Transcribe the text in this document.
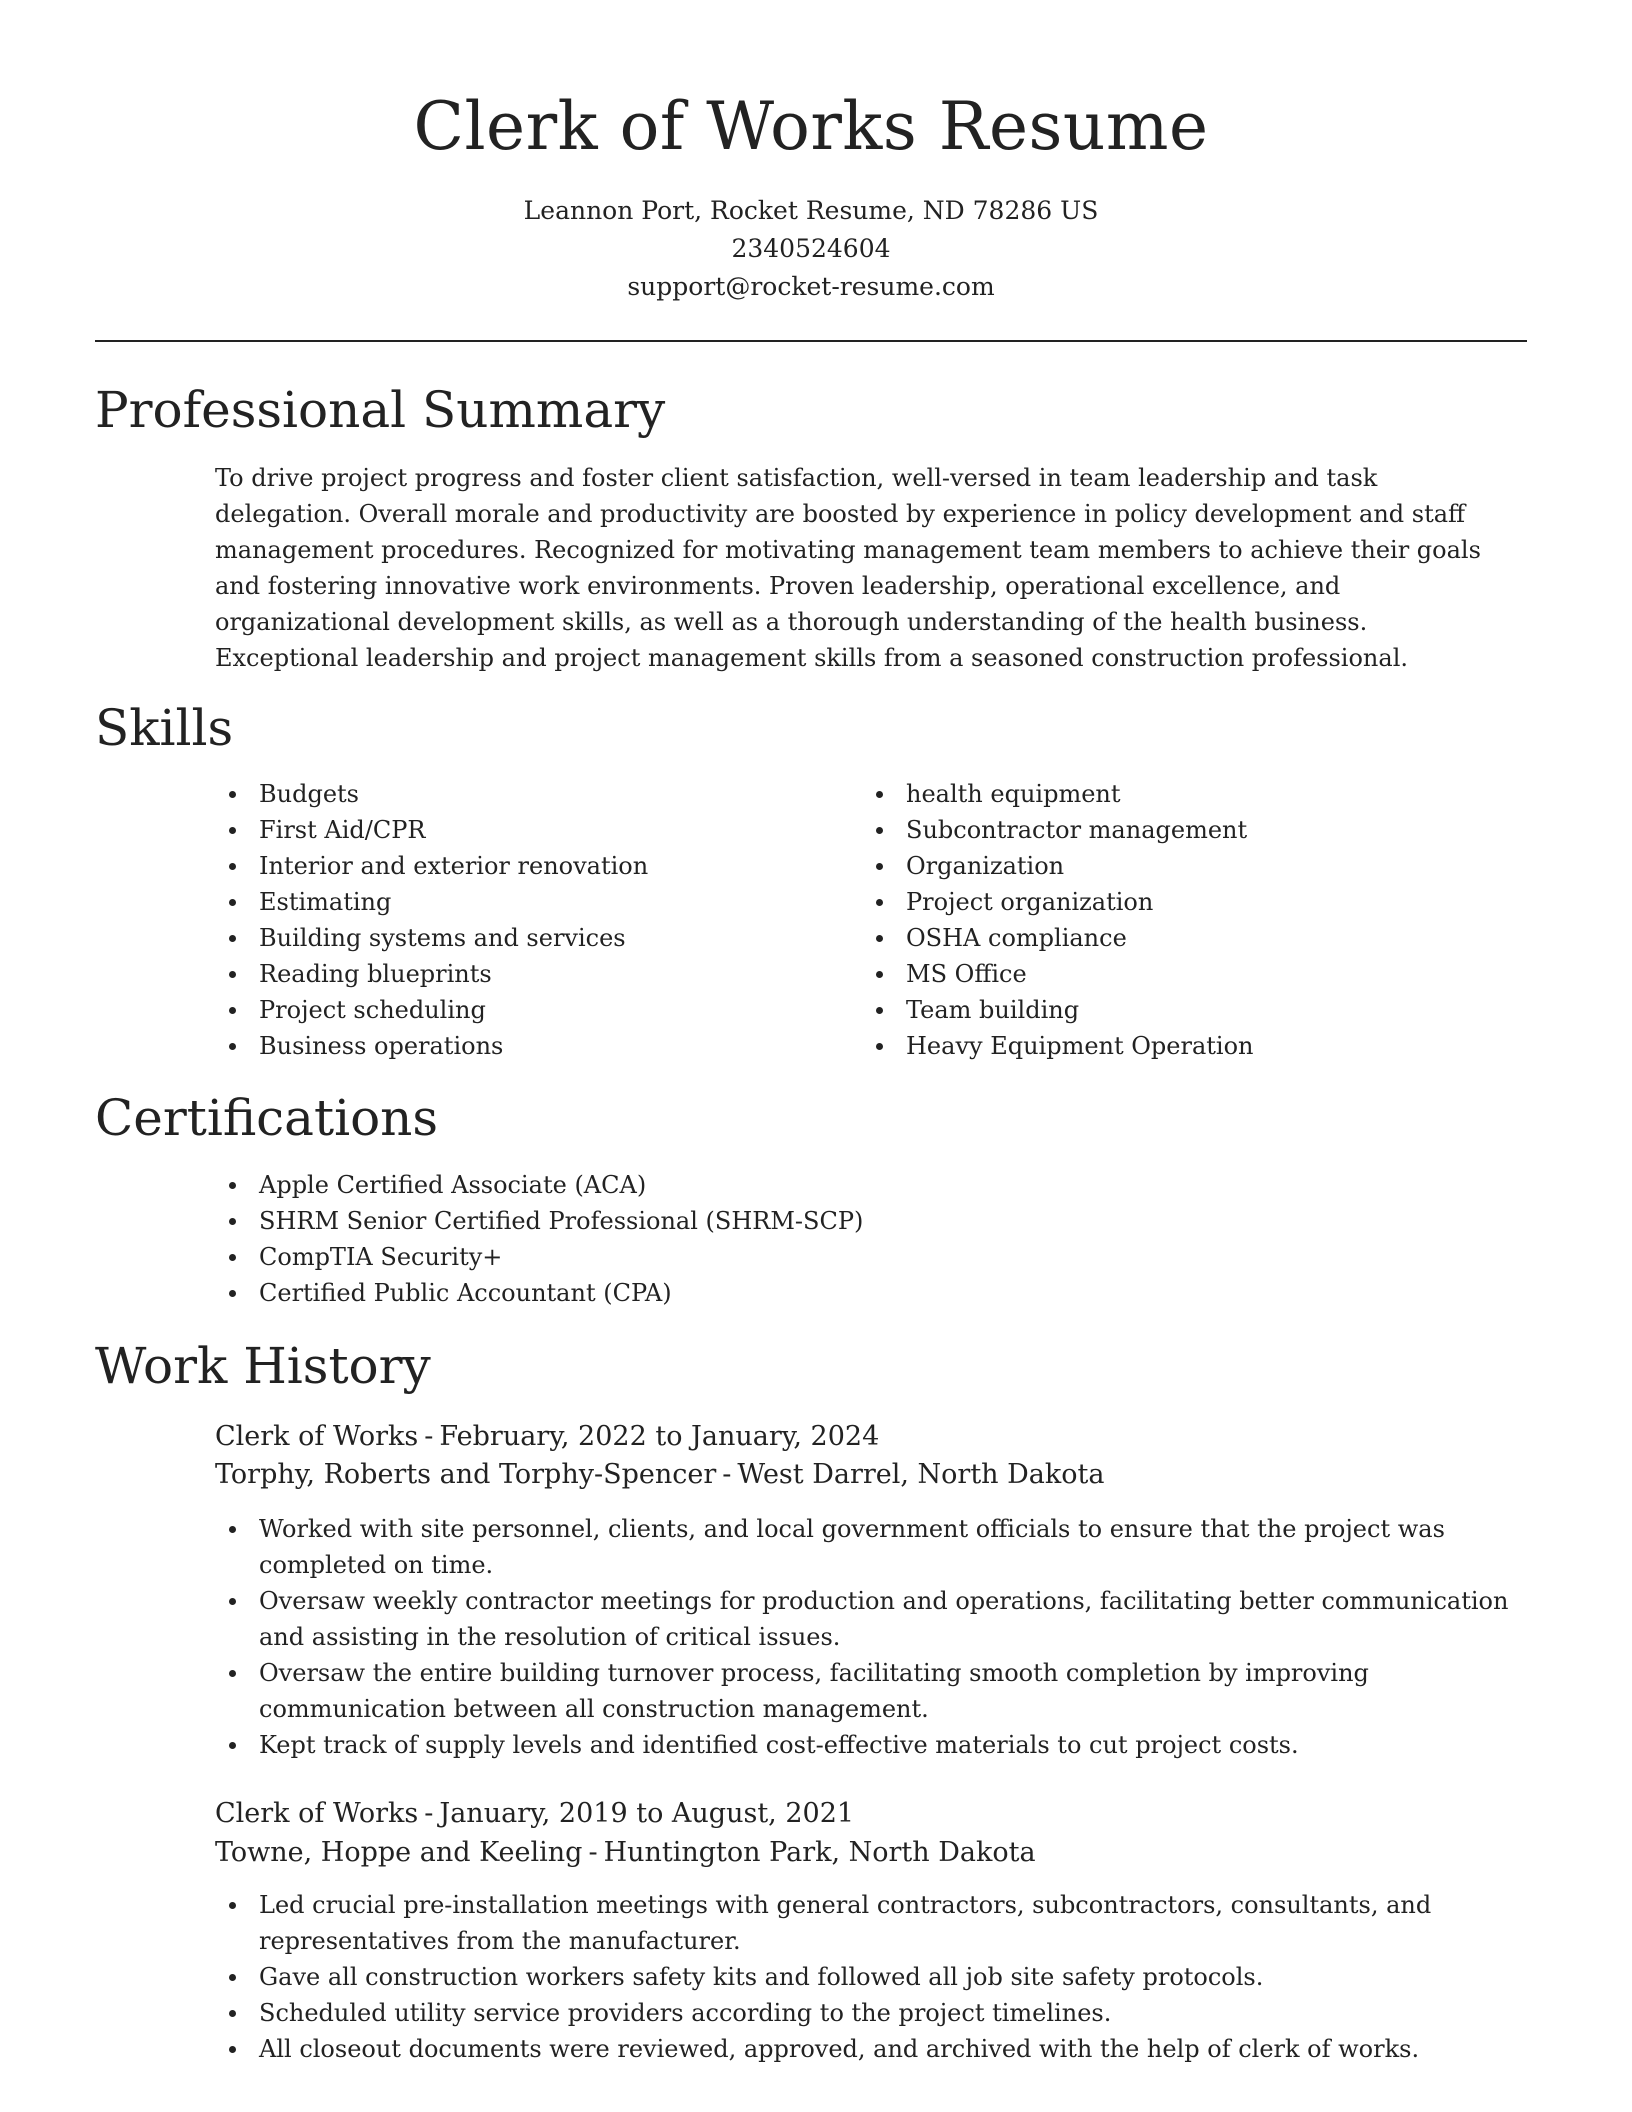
Clerk of Works Resume
Leannon Port, Rocket Resume, ND 78286 US
2340524604
support@rocket-resume.com
Professional Summary

To drive project progress and foster client satisfaction, well-versed in team leadership and task delegation. Overall morale and productivity are boosted by experience in policy development and staff management procedures. Recognized for motivating management team members to achieve their goals and fostering innovative work environments. Proven leadership, operational excellence, and organizational development skills, as well as a thorough understanding of the health business. Exceptional leadership and project management skills from a seasoned construction professional.

Skills
Budgets
First Aid/CPR
Interior and exterior renovation
Estimating
Building systems and services
Reading blueprints
Project scheduling
Business operations
health equipment
Subcontractor management
Organization
Project organization
OSHA compliance
MS Office
Team building
Heavy Equipment Operation
Certifications
Apple Certified Associate (ACA)
SHRM Senior Certified Professional (SHRM-SCP)
CompTIA Security+
Certified Public Accountant (CPA)
Work History
Clerk of Works - February, 2022 to January, 2024
Torphy, Roberts and Torphy-Spencer - West Darrel, North Dakota
Worked with site personnel, clients, and local government officials to ensure that the project was completed on time.
Oversaw weekly contractor meetings for production and operations, facilitating better communication and assisting in the resolution of critical issues.
Oversaw the entire building turnover process, facilitating smooth completion by improving communication between all construction management.
Kept track of supply levels and identified cost-effective materials to cut project costs.
Clerk of Works - January, 2019 to August, 2021
Towne, Hoppe and Keeling - Huntington Park, North Dakota
Led crucial pre-installation meetings with general contractors, subcontractors, consultants, and representatives from the manufacturer.
Gave all construction workers safety kits and followed all job site safety protocols.
Scheduled utility service providers according to the project timelines.
All closeout documents were reviewed, approved, and archived with the help of clerk of works.
